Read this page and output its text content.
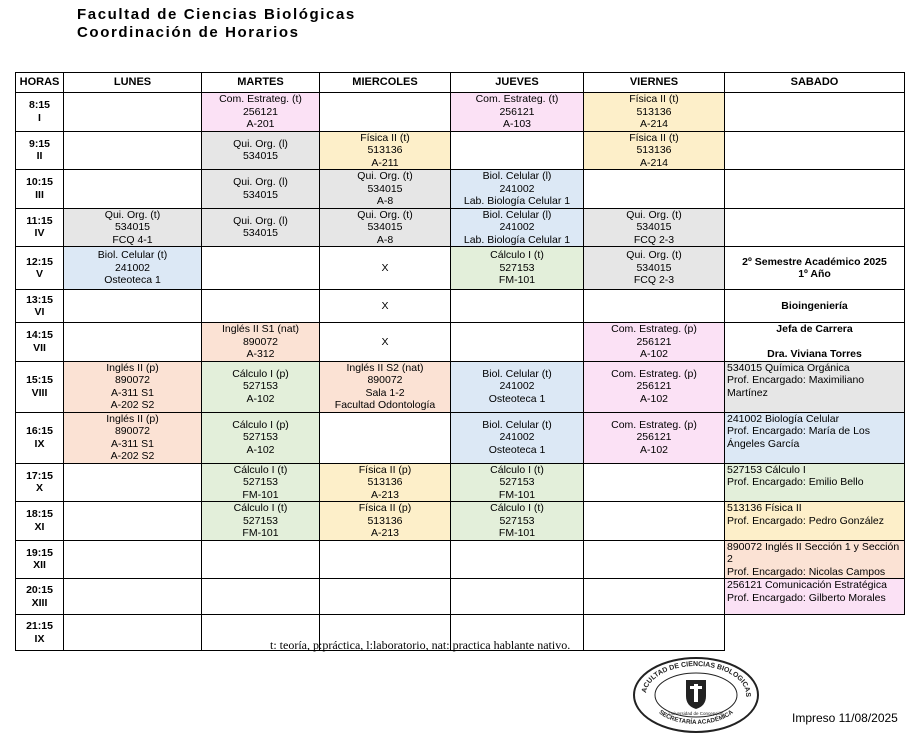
Facultad de Ciencias Biológicas
Coordinación de Horarios
HORAS	LUNES	MARTES	MIERCOLES	JUEVES	VIERNES	SABADO

8:15
I		Com. Estrateg. (t)
256121
A-201		Com. Estrateg. (t)
256121
A-103	Física II (t)
513136
A-214	

9:15
II		Qui. Org. (l)
534015	Física II (t)
513136
A-211		Física II (t)
513136
A-214	

10:15
III		Qui. Org. (l)
534015	Qui. Org. (t)
534015
A-8	Biol. Celular (l)
241002
Lab. Biología Celular 1		

11:15
IV	Qui. Org. (t)
534015
FCQ 4-1	Qui. Org. (l)
534015	Qui. Org. (t)
534015
A-8	Biol. Celular (l)
241002
Lab. Biología Celular 1	Qui. Org. (t)
534015
FCQ 2-3	

12:15
V	Biol. Celular (t)
241002
Osteoteca 1		X	Cálculo I (t)
527153
FM-101	Qui. Org. (t)
534015
FCQ 2-3	2º Semestre Académico 2025
1º Año

13:15
VI			X			Bioingeniería

14:15
VII		Inglés II S1 (nat)
890072
A-312	X		Com. Estrateg. (p)
256121
A-102	Jefa de Carrera
Dra. Viviana Torres

15:15
VIII	Inglés II (p)
890072
A-311 S1
A-202 S2	Cálculo I (p)
527153
A-102	Inglés II S2 (nat)
890072
Sala 1-2
Facultad Odontología	Biol. Celular (t)
241002
Osteoteca 1	Com. Estrateg. (p)
256121
A-102	534015 Química Orgánica
Prof. Encargado: Maximiliano Martínez

16:15
IX	Inglés II (p)
890072
A-311 S1
A-202 S2	Cálculo I (p)
527153
A-102		Biol. Celular (t)
241002
Osteoteca 1	Com. Estrateg. (p)
256121
A-102	241002 Biología Celular
Prof. Encargado: María de Los Ángeles García

17:15
X		Cálculo I (t)
527153
FM-101	Física II (p)
513136
A-213	Cálculo I (t)
527153
FM-101		527153 Cálculo I
Prof. Encargado: Emilio Bello

18:15
XI		Cálculo I (t)
527153
FM-101	Física II (p)
513136
A-213	Cálculo I (t)
527153
FM-101		513136 Física II
Prof. Encargado: Pedro González

19:15
XII						890072 Inglés II Sección 1 y Sección 2
Prof. Encargado: Nicolas Campos

20:15
XIII						256121 Comunicación Estratégica
Prof. Encargado: Gilberto Morales

21:15
IX						
							t: teoría, p:práctica, l:laboratorio, nat: practica hablante nativo.
ACULTAD DE CIENCIAS BIOLOGICAS
SECRETARÍA ACADÉMICA
Universidad de Concepción	Impreso 11/08/2025
